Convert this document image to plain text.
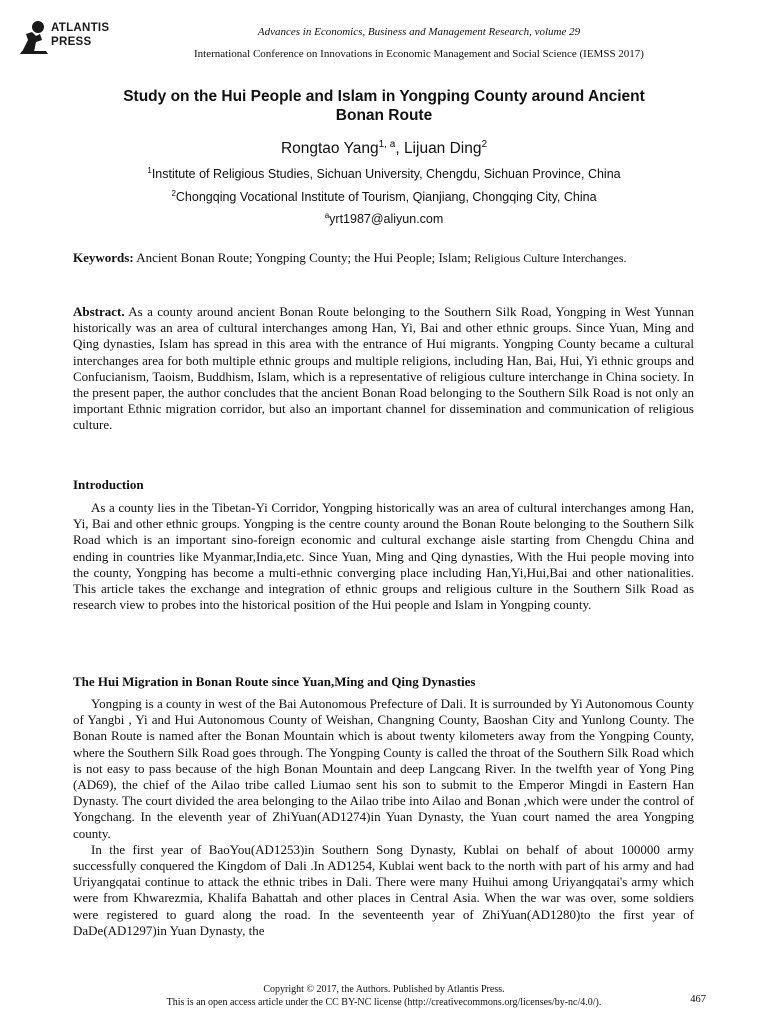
ATLANTIS
PRESS
Advances in Economics, Business and Management Research, volume 29
International Conference on Innovations in Economic Management and Social Science (IEMSS 2017)
Study on the Hui People and Islam in Yongping County around Ancient
Bonan Route
Rongtao Yang$^{1, a}$, Lijuan Ding$^2$
$^1$Institute of Religious Studies, Sichuan University, Chengdu, Sichuan Province, China
$^2$Chongqing Vocational Institute of Tourism, Qianjiang, Chongqing City, China
$^a$yrt1987@aliyun.com

Keywords: Ancient Bonan Route; Yongping County; the Hui People; Islam; Religious Culture Interchanges.

Abstract. As a county around ancient Bonan Route belonging to the Southern Silk Road, Yongping in West Yunnan historically was an area of cultural interchanges among Han, Yi, Bai and other ethnic groups. Since Yuan, Ming and Qing dynasties, Islam has spread in this area with the entrance of Hui migrants. Yongping County became a cultural interchanges area for both multiple ethnic groups and multiple religions, including Han, Bai, Hui, Yi ethnic groups and Confucianism, Taoism, Buddhism, Islam, which is a representative of religious culture interchange in China society. In the present paper, the author concludes that the ancient Bonan Road belonging to the Southern Silk Road is not only an important Ethnic migration corridor, but also an important channel for dissemination and communication of religious culture.

Introduction

As a county lies in the Tibetan-Yi Corridor, Yongping historically was an area of cultural interchanges among Han, Yi, Bai and other ethnic groups. Yongping is the centre county around the Bonan Route belonging to the Southern Silk Road which is an important sino-foreign economic and cultural exchange aisle starting from Chengdu China and ending in countries like Myanmar,India,etc. Since Yuan, Ming and Qing dynasties, With the Hui people moving into the county, Yongping has become a multi-ethnic converging place including Han,Yi,Hui,Bai and other nationalities. This article takes the exchange and integration of ethnic groups and religious culture in the Southern Silk Road as research view to probes into the historical position of the Hui people and Islam in Yongping county.

The Hui Migration in Bonan Route since Yuan,Ming and Qing Dynasties

Yongping is a county in west of the Bai Autonomous Prefecture of Dali. It is surrounded by Yi Autonomous County of Yangbi , Yi and Hui Autonomous County of Weishan, Changning County, Baoshan City and Yunlong County. The Bonan Route is named after the Bonan Mountain which is about twenty kilometers away from the Yongping County, where the Southern Silk Road goes through. The Yongping County is called the throat of the Southern Silk Road which is not easy to pass because of the high Bonan Mountain and deep Langcang River. In the twelfth year of Yong Ping (AD69), the chief of the Ailao tribe called Liumao sent his son to submit to the Emperor Mingdi in Eastern Han Dynasty. The court divided the area belonging to the Ailao tribe into Ailao and Bonan ,which were under the control of Yongchang. In the eleventh year of ZhiYuan(AD1274)in Yuan Dynasty, the Yuan court named the area Yongping county.

In the first year of BaoYou(AD1253)in Southern Song Dynasty, Kublai on behalf of about 100000 army successfully conquered the Kingdom of Dali .In AD1254, Kublai went back to the north with part of his army and had Uriyangqatai continue to attack the ethnic tribes in Dali. There were many Huihui among Uriyangqatai's army which were from Khwarezmia, Khalifa Bahattah and other places in Central Asia. When the war was over, some soldiers were registered to guard along the road. In the seventeenth year of ZhiYuan(AD1280)to the first year of DaDe(AD1297)in Yuan Dynasty, the

Copyright © 2017, the Authors. Published by Atlantis Press.
This is an open access article under the CC BY-NC license (http://creativecommons.org/licenses/by-nc/4.0/).	467
